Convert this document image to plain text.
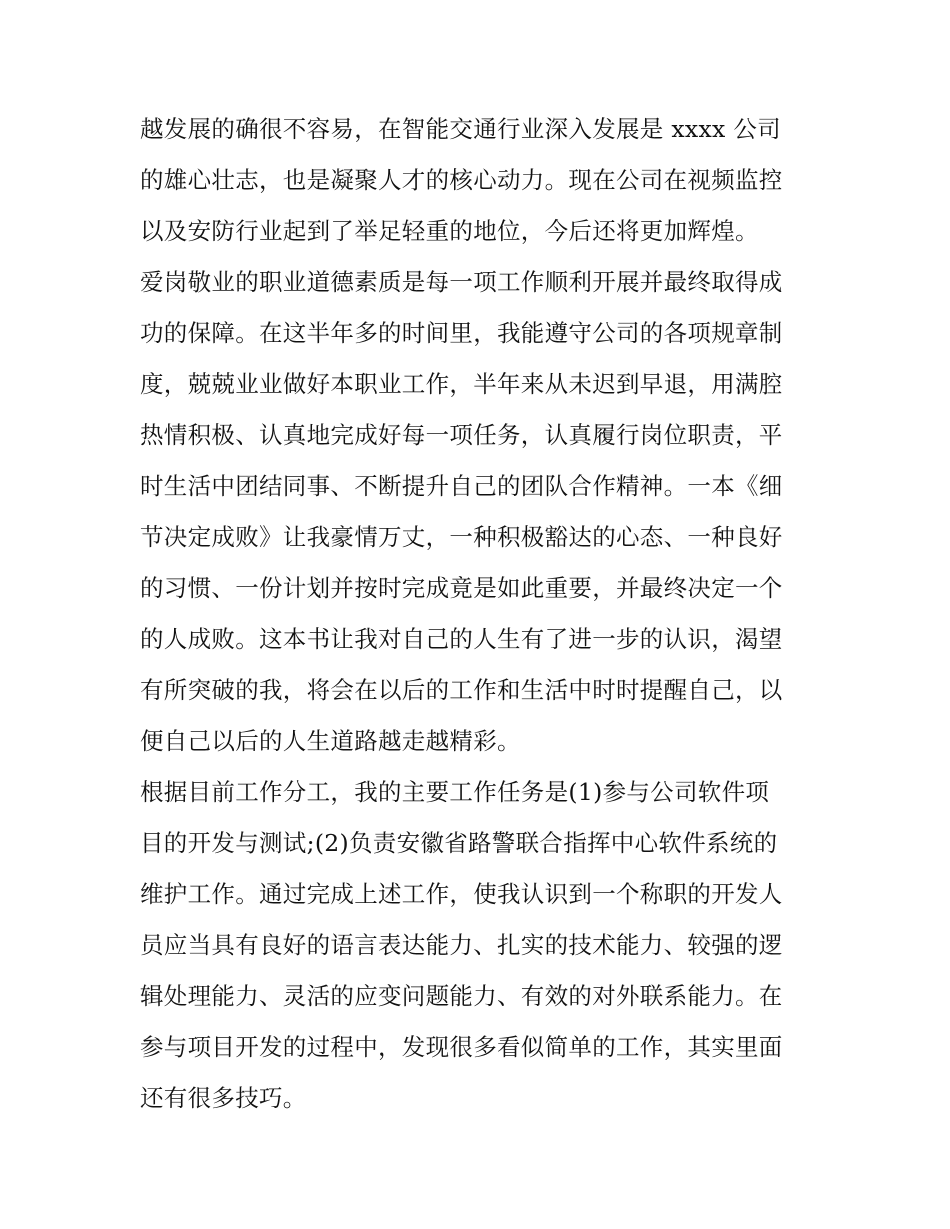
越发展的确很不容易，在智能交通行业深入发展是 xxxx 公司
的雄心壮志，也是凝聚人才的核心动力。现在公司在视频监控
以及安防行业起到了举足轻重的地位，今后还将更加辉煌。
爱岗敬业的职业道德素质是每一项工作顺利开展并最终取得成
功的保障。在这半年多的时间里，我能遵守公司的各项规章制
度，兢兢业业做好本职业工作，半年来从未迟到早退，用满腔
热情积极、认真地完成好每一项任务，认真履行岗位职责，平
时生活中团结同事、不断提升自己的团队合作精神。一本《细
节决定成败》让我豪情万丈，一种积极豁达的心态、一种良好
的习惯、一份计划并按时完成竟是如此重要，并最终决定一个
的人成败。这本书让我对自己的人生有了进一步的认识，渴望
有所突破的我，将会在以后的工作和生活中时时提醒自己，以
便自己以后的人生道路越走越精彩。
根据目前工作分工，我的主要工作任务是(1)参与公司软件项
目的开发与测试;(2)负责安徽省路警联合指挥中心软件系统的
维护工作。通过完成上述工作，使我认识到一个称职的开发人
员应当具有良好的语言表达能力、扎实的技术能力、较强的逻
辑处理能力、灵活的应变问题能力、有效的对外联系能力。在
参与项目开发的过程中，发现很多看似简单的工作，其实里面
还有很多技巧。
